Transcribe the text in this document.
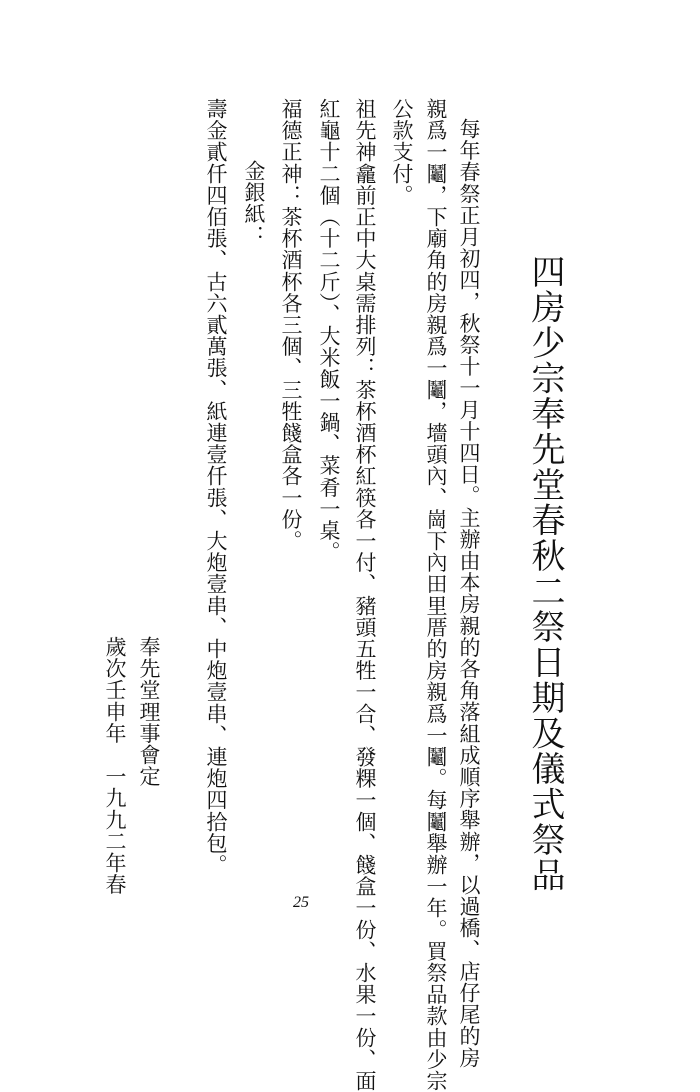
四房少宗奉先堂春秋二祭日期及儀式祭品
每年春祭正月初四，秋祭十一月十四日。主辦由本房親的各角落組成順序舉辦，以過橋、店仔尾的房
親爲一鬮，下廟角的房親爲一鬮，墻頭內、崗下內田里厝的房親爲一鬮。每鬮舉辦一年。買祭品款由少宗
公款支付。
祖先神龕前正中大桌需排列：茶杯酒杯紅筷各一付、豬頭五牲一合、發粿一個、餞盒一份、水果一份、面
紅龜十二個（十二斤）、大米飯一鍋、菜肴一桌。
福德正神：茶杯酒杯各三個、三牲餞盒各一份。
金銀紙：
壽金貳仟四佰張、古六貳萬張、紙連壹仟張、大炮壹串、中炮壹串、連炮四拾包。
奉先堂理事會定
歲次壬申年　一九九二年春
25
